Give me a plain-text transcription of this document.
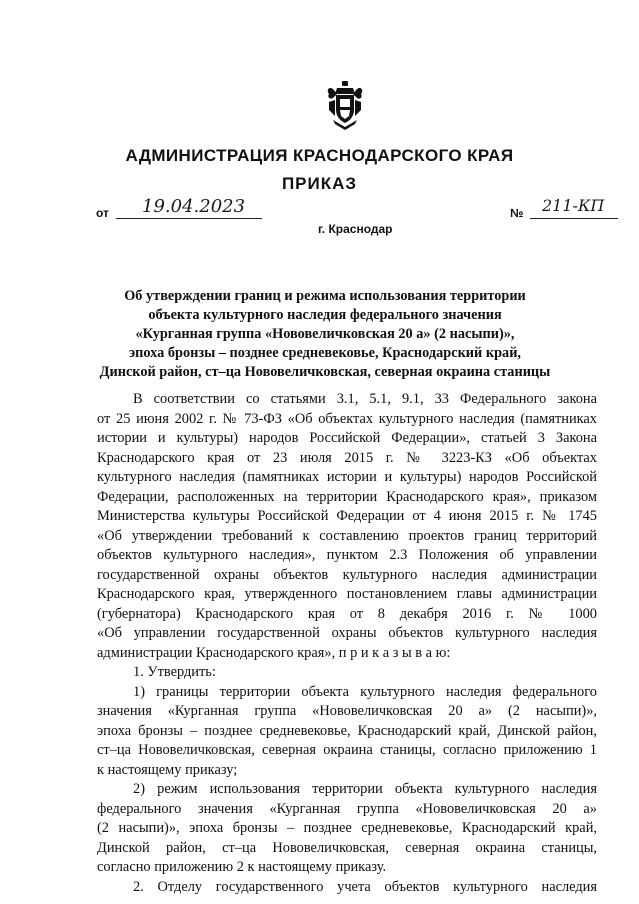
АДМИНИСТРАЦИЯ КРАСНОДАРСКОГО КРАЯ
ПРИКАЗ
от 19.04.2023
г. Краснодар
№ 211-КП
Об утверждении границ и режима использования территории
объекта культурного наследия федерального значения
«Курганная группа «Нововеличковская 20 а» (2 насыпи)»,
эпоха бронзы – позднее средневековье, Краснодарский край,
Динской район, ст–ца Нововеличковская, северная окраина станицы
В соответствии со статьями 3.1, 5.1, 9.1, 33 Федерального закона
от 25 июня 2002 г. № 73-ФЗ «Об объектах культурного наследия (памятниках
истории и культуры) народов Российской Федерации», статьей 3 Закона
Краснодарского края от 23 июля 2015 г. № 3223-КЗ «Об объектах
культурного наследия (памятниках истории и культуры) народов Российской
Федерации, расположенных на территории Краснодарского края», приказом
Министерства культуры Российской Федерации от 4 июня 2015 г. № 1745
«Об утверждении требований к составлению проектов границ территорий
объектов культурного наследия», пунктом 2.3 Положения об управлении
государственной охраны объектов культурного наследия администрации
Краснодарского края, утвержденного постановлением главы администрации
(губернатора) Краснодарского края от 8 декабря 2016 г. № 1000
«Об управлении государственной охраны объектов культурного наследия
администрации Краснодарского края», п р и к а з ы в а ю:
1. Утвердить:
1) границы территории объекта культурного наследия федерального
значения «Курганная группа «Нововеличковская 20 а» (2 насыпи)»,
эпоха бронзы – позднее средневековье, Краснодарский край, Динской район,
ст–ца Нововеличковская, северная окраина станицы, согласно приложению 1
к настоящему приказу;
2) режим использования территории объекта культурного наследия
федерального значения «Курганная группа «Нововеличковская 20 а»
(2 насыпи)», эпоха бронзы – позднее средневековье, Краснодарский край,
Динской район, ст–ца Нововеличковская, северная окраина станицы,
согласно приложению 2 к настоящему приказу.
2. Отделу государственного учета объектов культурного наследия
